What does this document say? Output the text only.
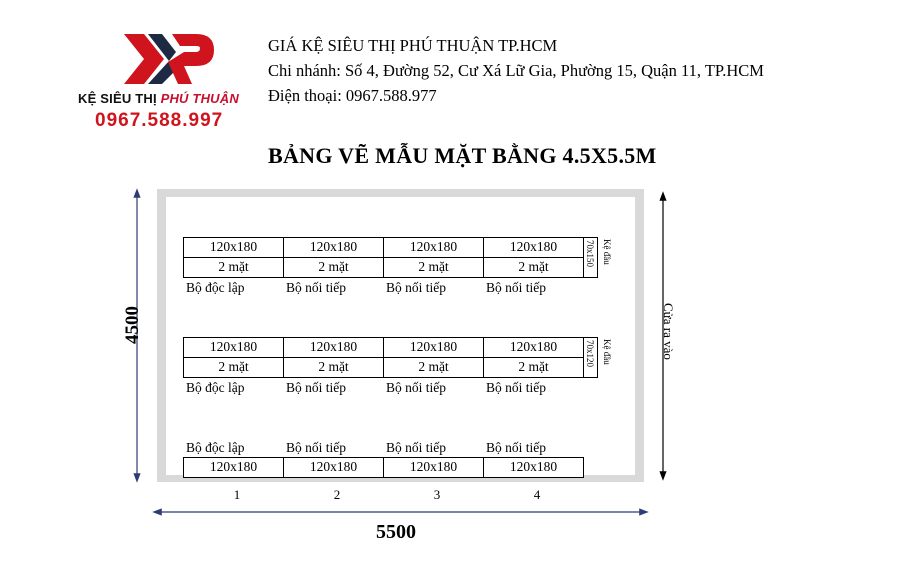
KỆ SIÊU THỊ PHÚ THUẬN
0967.588.997
GIÁ KỆ SIÊU THỊ PHÚ THUẬN TP.HCM
Chi nhánh: Số 4, Đường 52, Cư Xá Lữ Gia, Phường 15, Quận 11, TP.HCM
Điện thoại: 0967.588.977
BẢNG VẼ MẪU MẶT BẰNG 4.5X5.5M
4500
5500
Cửa ra vào
120x180	120x180	120x180	120x180
2 mặt	2 mặt	2 mặt	2 mặt	70x150 Kệ đầu
Bộ độc lập	Bộ nối tiếp	Bộ nối tiếp	Bộ nối tiếp
120x180	120x180	120x180	120x180
2 mặt	2 mặt	2 mặt	2 mặt	70x120 Kệ đầu
Bộ độc lập	Bộ nối tiếp	Bộ nối tiếp	Bộ nối tiếp
Bộ độc lập	Bộ nối tiếp	Bộ nối tiếp	Bộ nối tiếp
120x180	120x180	120x180	120x180
1	2	3	4
